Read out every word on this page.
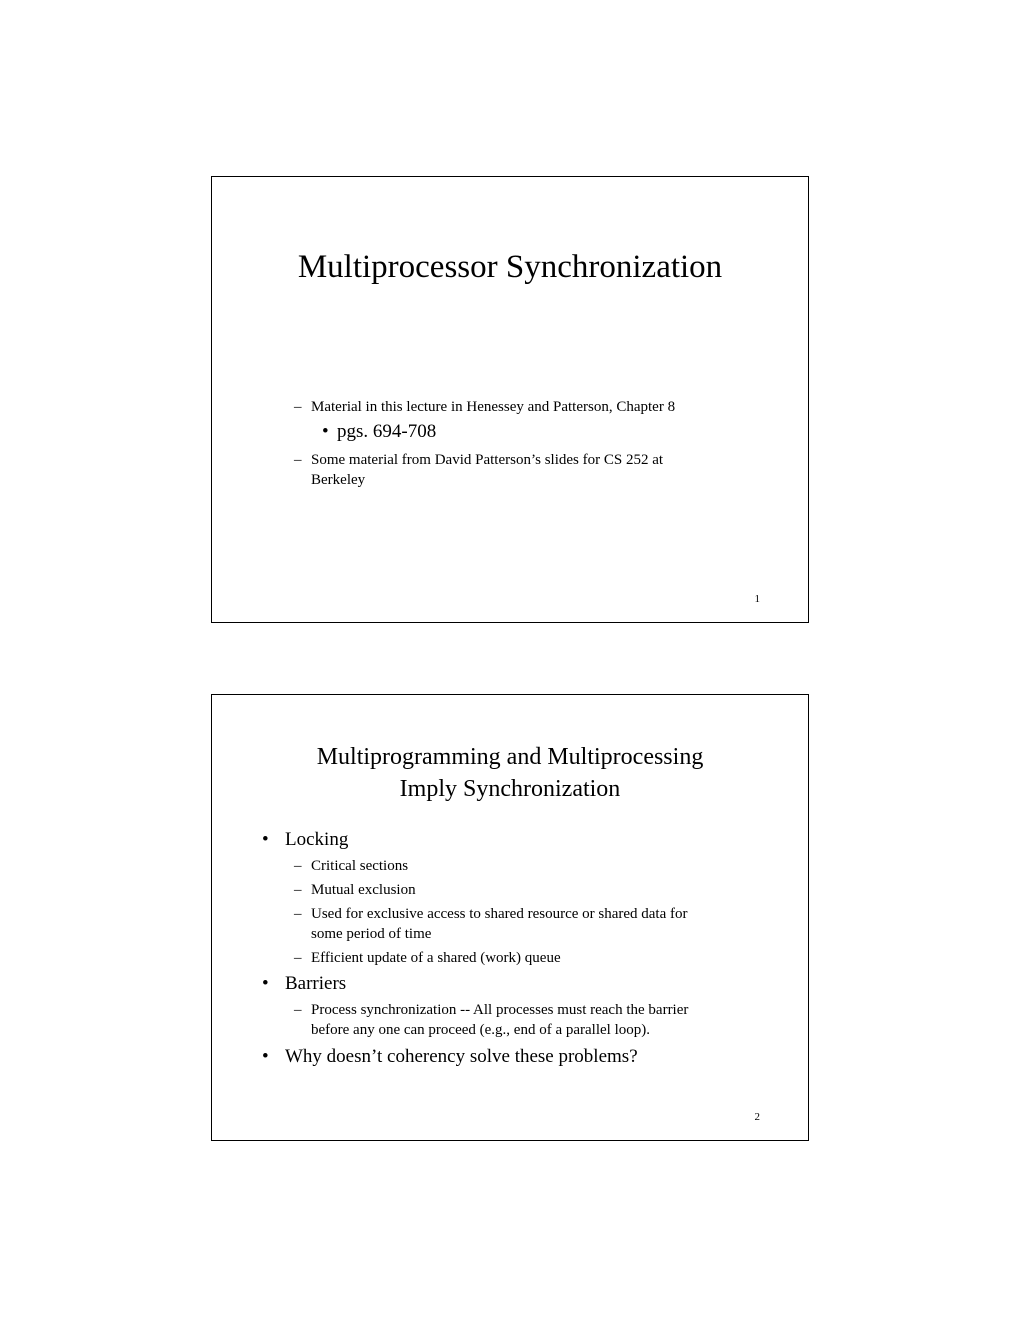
Multiprocessor Synchronization
– Material in this lecture in Henessey and Patterson, Chapter 8
• pgs. 694-708
– Some material from David Patterson’s slides for CS 252 at
Berkeley
1
Multiprogramming and Multiprocessing
Imply Synchronization
• Locking
– Critical sections
– Mutual exclusion
– Used for exclusive access to shared resource or shared data for
some period of time
– Efficient update of a shared (work) queue
• Barriers
– Process synchronization -- All processes must reach the barrier
before any one can proceed (e.g., end of a parallel loop).
• Why doesn’t coherency solve these problems?
2
